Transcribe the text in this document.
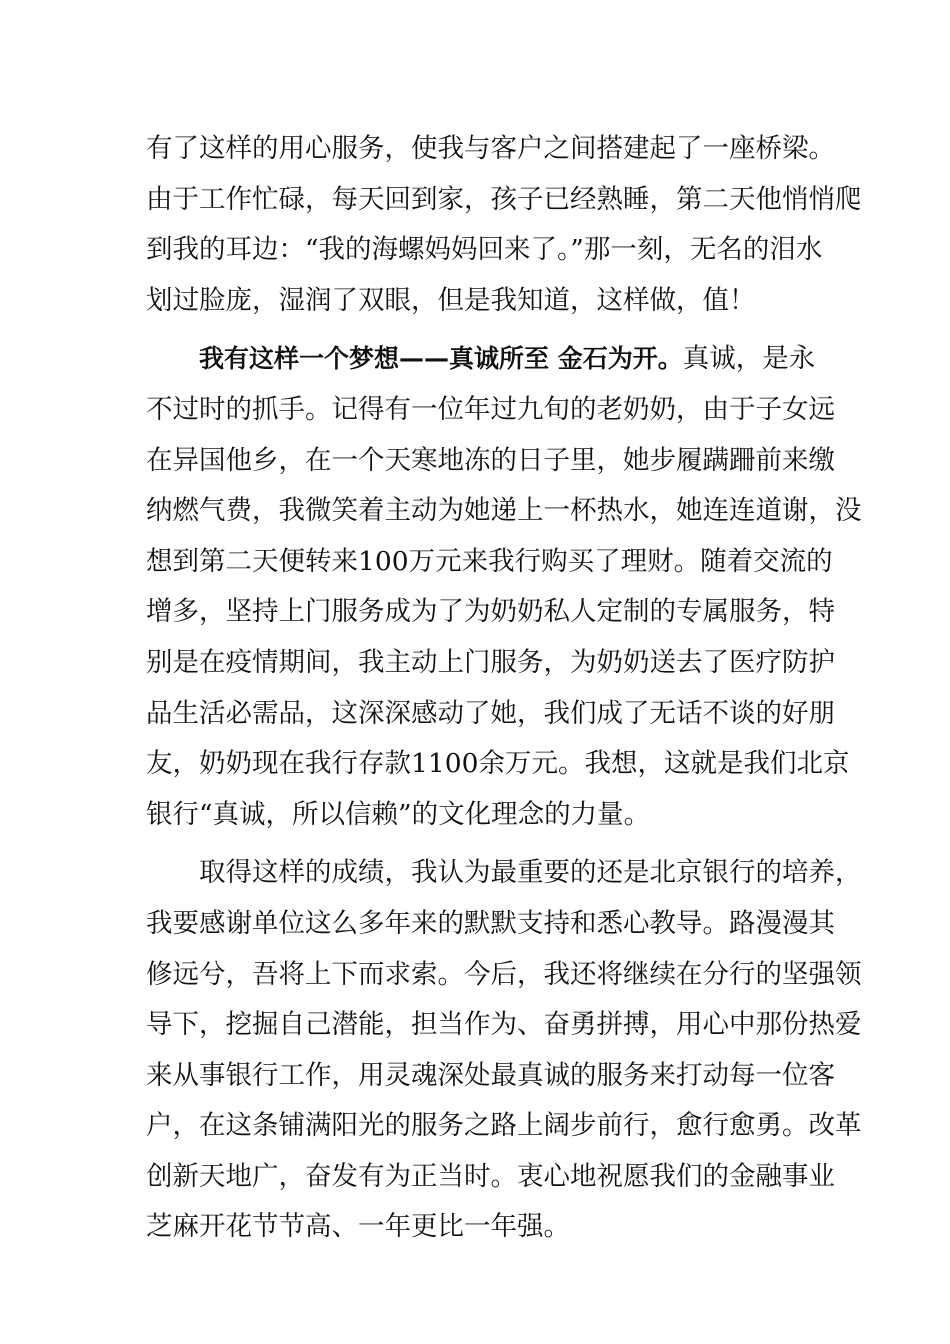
有了这样的用心服务，使我与客户之间搭建起了一座桥梁。
由于工作忙碌，每天回到家，孩子已经熟睡，第二天他悄悄爬
到我的耳边：“我的海螺妈妈回来了。”那一刻，无名的泪水
划过脸庞，湿润了双眼，但是我知道，这样做，值！
我有这样一个梦想——真诚所至 金石为开。真诚，是永
不过时的抓手。记得有一位年过九旬的老奶奶，由于子女远
在异国他乡，在一个天寒地冻的日子里，她步履蹒跚前来缴
纳燃气费，我微笑着主动为她递上一杯热水，她连连道谢，没
想到第二天便转来100万元来我行购买了理财。随着交流的
增多，坚持上门服务成为了为奶奶私人定制的专属服务，特
别是在疫情期间，我主动上门服务，为奶奶送去了医疗防护
品生活必需品，这深深感动了她，我们成了无话不谈的好朋
友，奶奶现在我行存款1100余万元。我想，这就是我们北京
银行“真诚，所以信赖”的文化理念的力量。
取得这样的成绩，我认为最重要的还是北京银行的培养，
我要感谢单位这么多年来的默默支持和悉心教导。路漫漫其
修远兮，吾将上下而求索。今后，我还将继续在分行的坚强领
导下，挖掘自己潜能，担当作为、奋勇拼搏，用心中那份热爱
来从事银行工作，用灵魂深处最真诚的服务来打动每一位客
户，在这条铺满阳光的服务之路上阔步前行，愈行愈勇。改革
创新天地广，奋发有为正当时。衷心地祝愿我们的金融事业
芝麻开花节节高、一年更比一年强。
